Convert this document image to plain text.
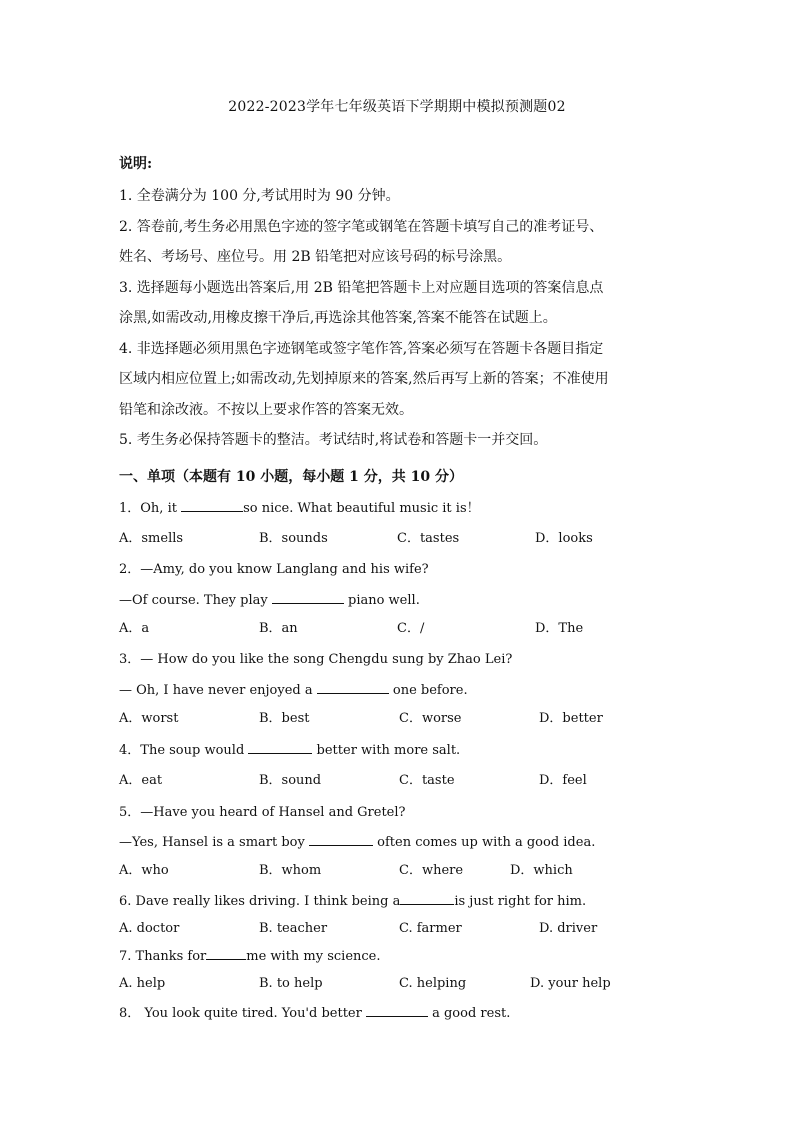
2022-2023学年七年级英语下学期期中模拟预测题02
说明:
1. 全卷满分为 100 分,考试用时为 90 分钟。
2. 答卷前,考生务必用黑色字迹的签字笔或钢笔在答题卡填写自己的准考证号、
姓名、考场号、座位号。用 2B 铅笔把对应该号码的标号涂黑。
3. 选择题每小题选出答案后,用 2B 铅笔把答题卡上对应题目选项的答案信息点
涂黑,如需改动,用橡皮擦干净后,再选涂其他答案,答案不能答在试题上。
4. 非选择题必须用黑色字迹钢笔或签字笔作答,答案必须写在答题卡各题目指定
区域内相应位置上;如需改动,先划掉原来的答案,然后再写上新的答案；不准使用
铅笔和涂改液。不按以上要求作答的答案无效。
5. 考生务必保持答题卡的整洁。考试结时,将试卷和答题卡一并交回。
一、单项（本题有 10 小题，每小题 1 分，共 10 分）
1．Oh, it	so nice. What beautiful music it is！
A．smells	B．sounds	C．tastes	D．looks
2．—Amy, do you know Langlang and his wife?
—Of course. They play	piano well.
A．a	B．an	C．/	D．The
3．— How do you like the song Chengdu sung by Zhao Lei?
— Oh, I have never enjoyed a	one before.
A．worst	B．best	C．worse	D．better
4．The soup would	better with more salt.
A．eat	B．sound	C．taste	D．feel
5．—Have you heard of Hansel and Gretel?
—Yes, Hansel is a smart boy	often comes up with a good idea.
A．who	B．whom	C．where	D．which
6. Dave really likes driving. I think being a	is just right for him.
A. doctor	B. teacher	C. farmer	D. driver
7. Thanks for	me with my science.
A. help	B. to help	C. helping	D. your help
8． You look quite tired. You'd better	a good rest.
